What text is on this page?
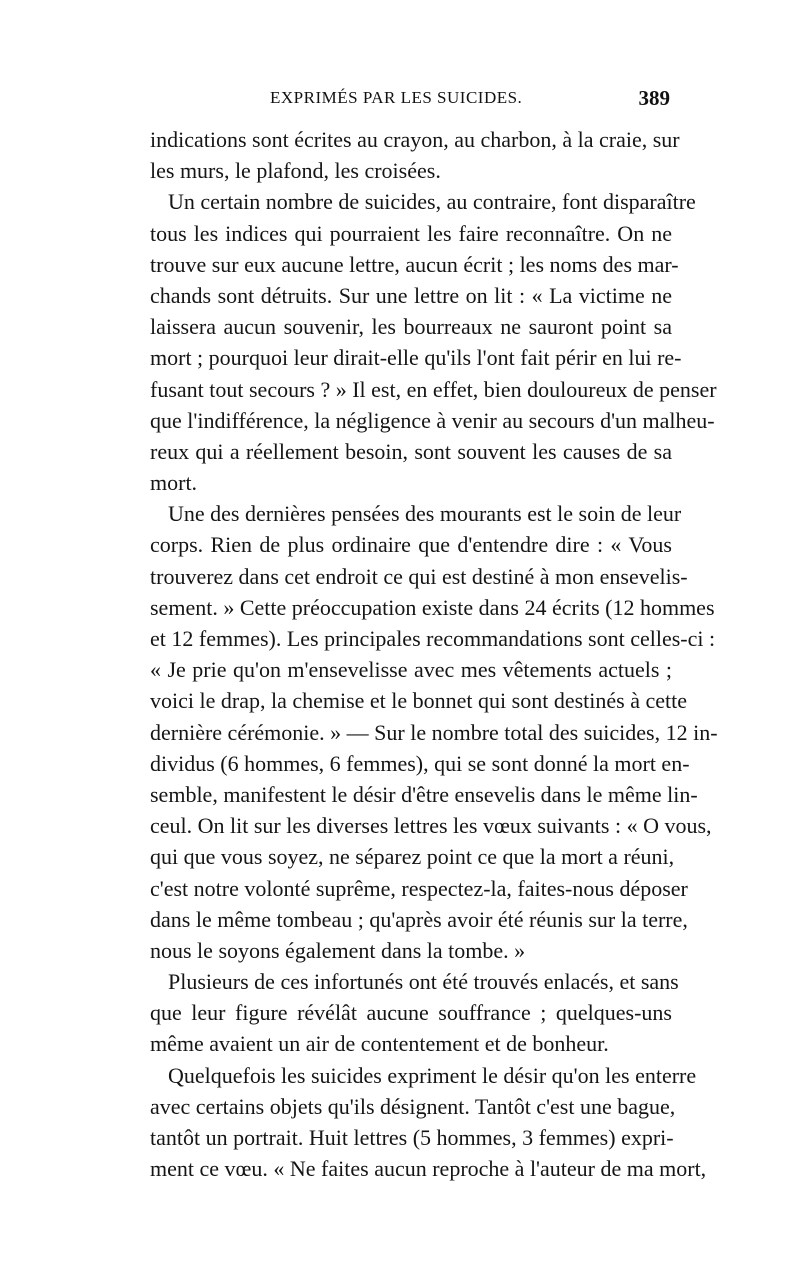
EXPRIMÉS PAR LES SUICIDES.	389
indications sont écrites au crayon, au charbon, à la craie, sur
les murs, le plafond, les croisées.
Un certain nombre de suicides, au contraire, font disparaître
tous les indices qui pourraient les faire reconnaître. On ne
trouve sur eux aucune lettre, aucun écrit ; les noms des mar-
chands sont détruits. Sur une lettre on lit : « La victime ne
laissera aucun souvenir, les bourreaux ne sauront point sa
mort ; pourquoi leur dirait-elle qu'ils l'ont fait périr en lui re-
fusant tout secours ? » Il est, en effet, bien douloureux de penser
que l'indifférence, la négligence à venir au secours d'un malheu-
reux qui a réellement besoin, sont souvent les causes de sa
mort.
Une des dernières pensées des mourants est le soin de leur
corps. Rien de plus ordinaire que d'entendre dire : « Vous
trouverez dans cet endroit ce qui est destiné à mon ensevelis-
sement. » Cette préoccupation existe dans 24 écrits (12 hommes
et 12 femmes). Les principales recommandations sont celles-ci :
« Je prie qu'on m'ensevelisse avec mes vêtements actuels ;
voici le drap, la chemise et le bonnet qui sont destinés à cette
dernière cérémonie. » — Sur le nombre total des suicides, 12 in-
dividus (6 hommes, 6 femmes), qui se sont donné la mort en-
semble, manifestent le désir d'être ensevelis dans le même lin-
ceul. On lit sur les diverses lettres les vœux suivants : « O vous,
qui que vous soyez, ne séparez point ce que la mort a réuni,
c'est notre volonté suprême, respectez-la, faites-nous déposer
dans le même tombeau ; qu'après avoir été réunis sur la terre,
nous le soyons également dans la tombe. »
Plusieurs de ces infortunés ont été trouvés enlacés, et sans
que leur figure révélât aucune souffrance ; quelques-uns
même avaient un air de contentement et de bonheur.
Quelquefois les suicides expriment le désir qu'on les enterre
avec certains objets qu'ils désignent. Tantôt c'est une bague,
tantôt un portrait. Huit lettres (5 hommes, 3 femmes) expri-
ment ce vœu. « Ne faites aucun reproche à l'auteur de ma mort,
